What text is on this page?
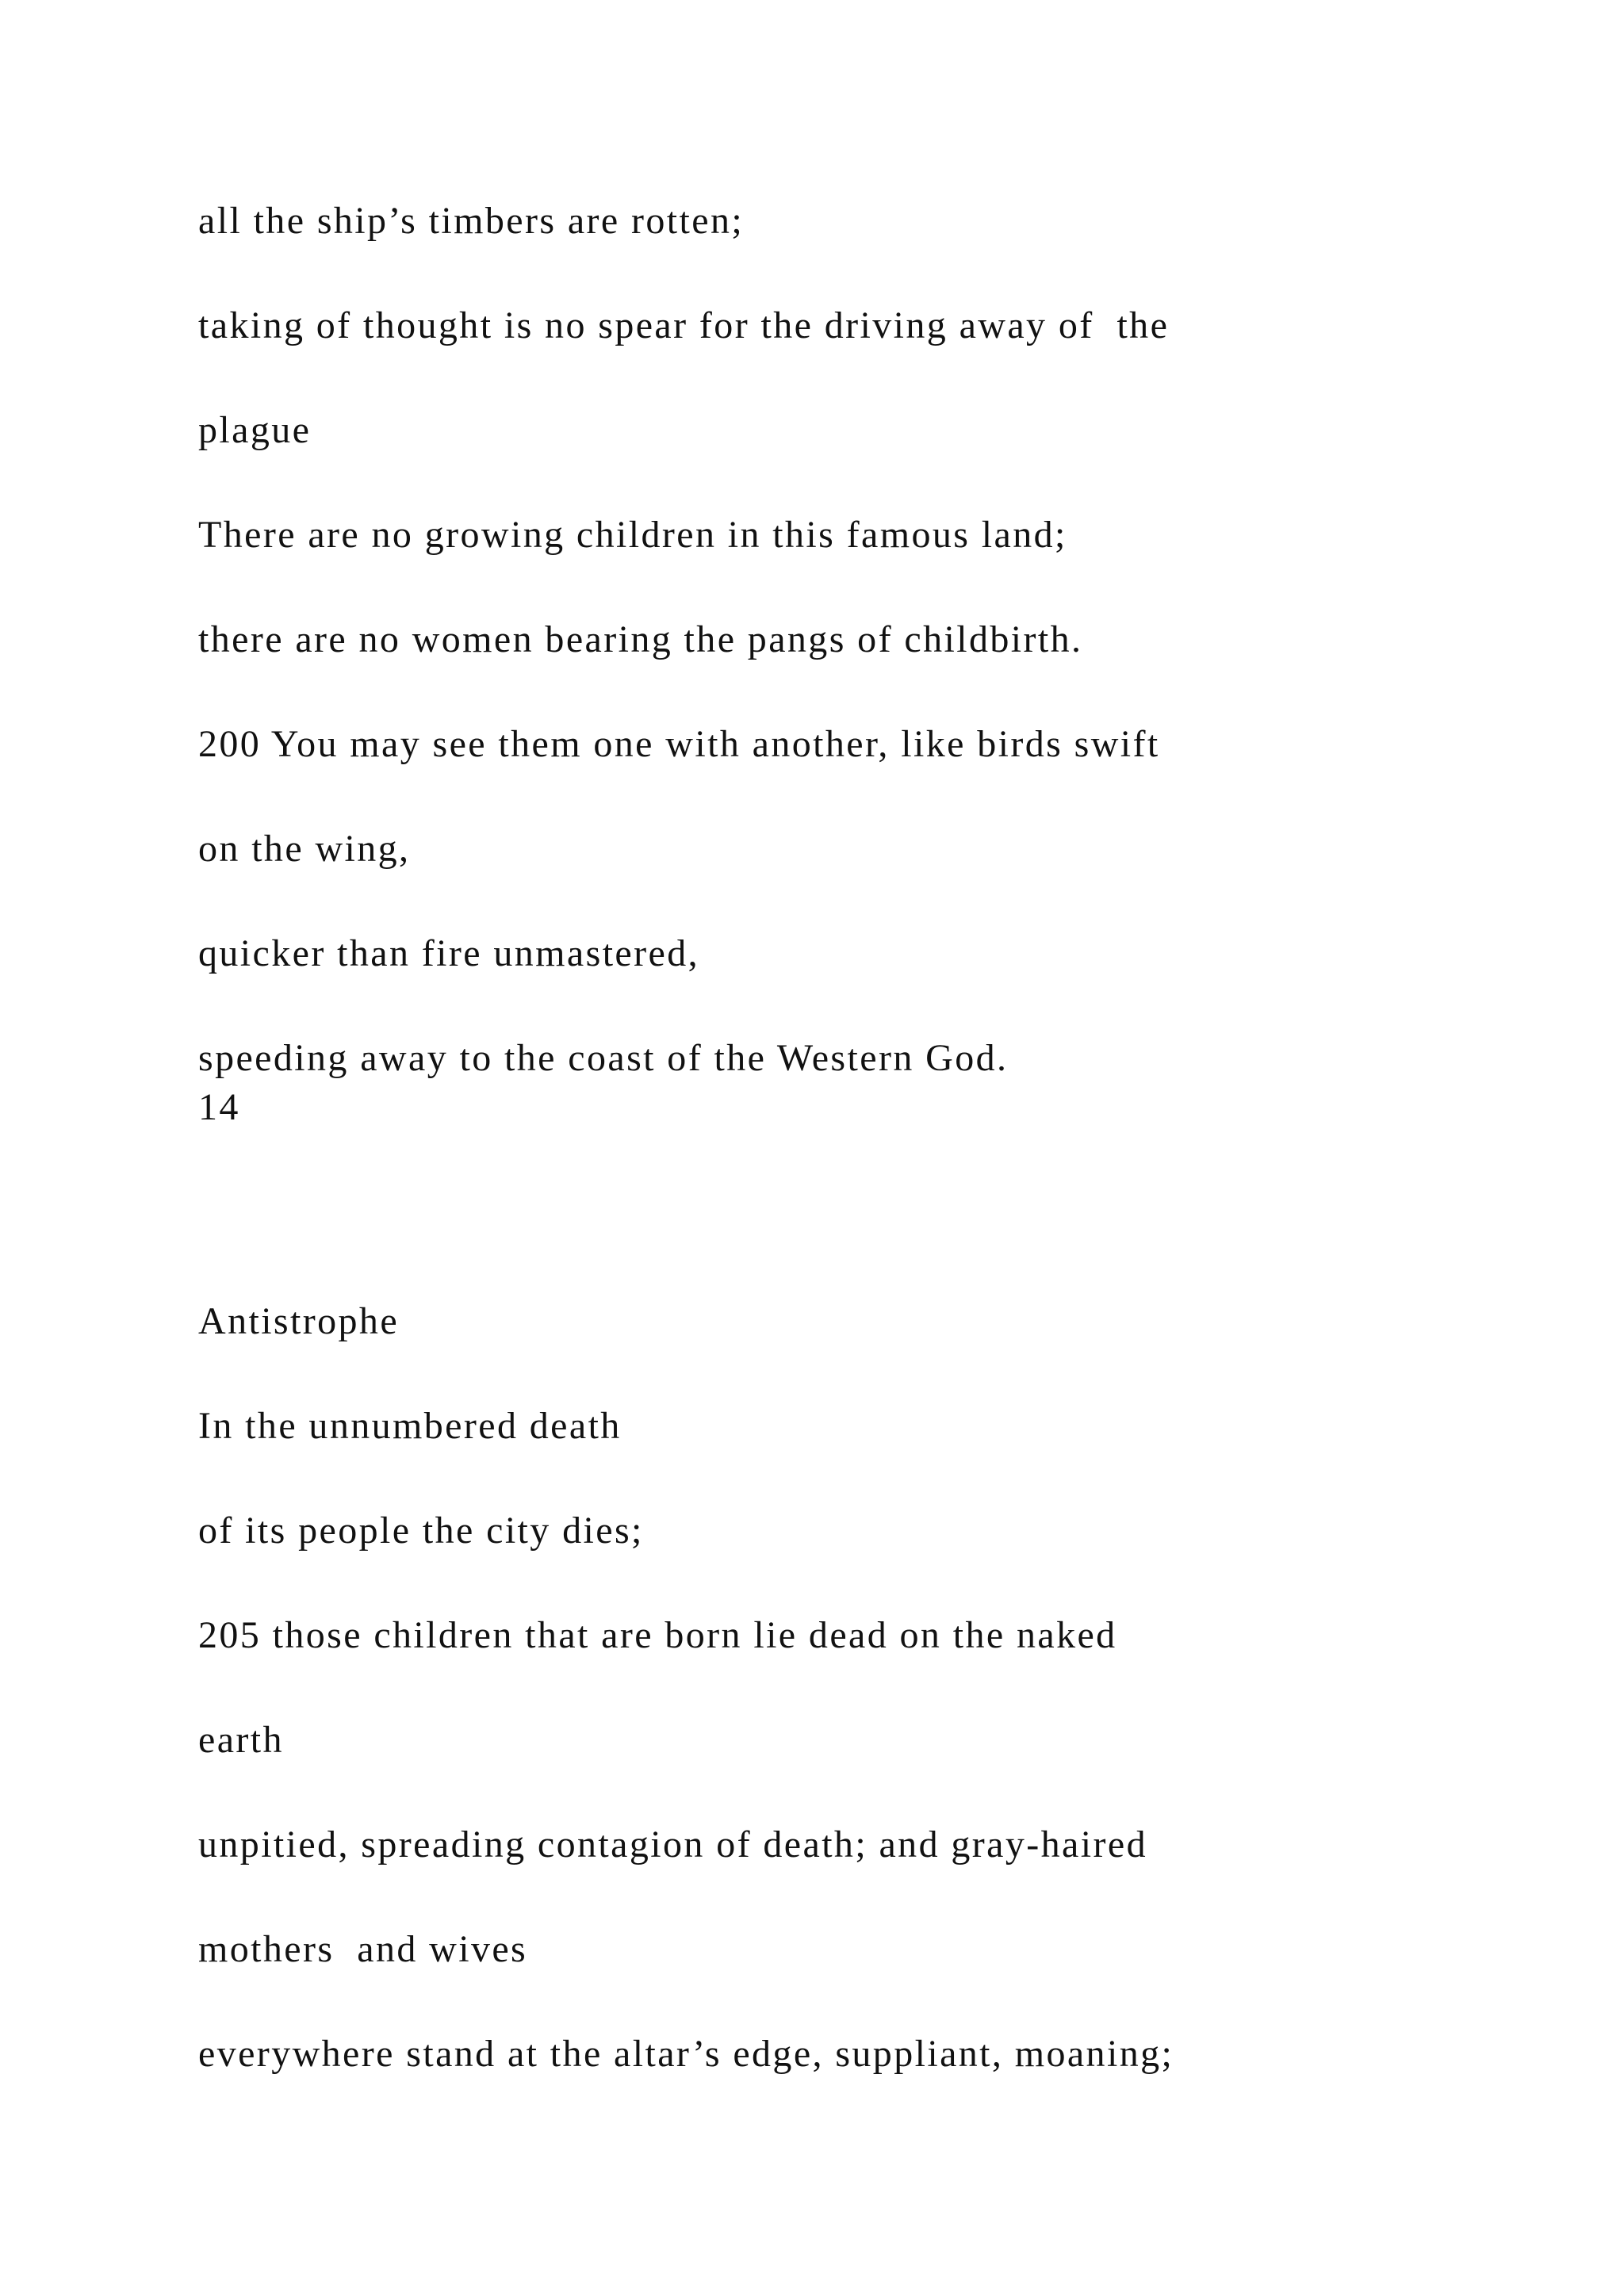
all the ship’s timbers are rotten;
taking of thought is no spear for the driving away of  the
plague
There are no growing children in this famous land;
there are no women bearing the pangs of childbirth.
200 You may see them one with another, like birds swift
on the wing,
quicker than fire unmastered,
speeding away to the coast of the Western God.
14
Antistrophe
In the unnumbered death
of its people the city dies;
205 those children that are born lie dead on the naked
earth
unpitied, spreading contagion of death; and gray-haired
mothers  and wives
everywhere stand at the altar’s edge, suppliant, moaning;
